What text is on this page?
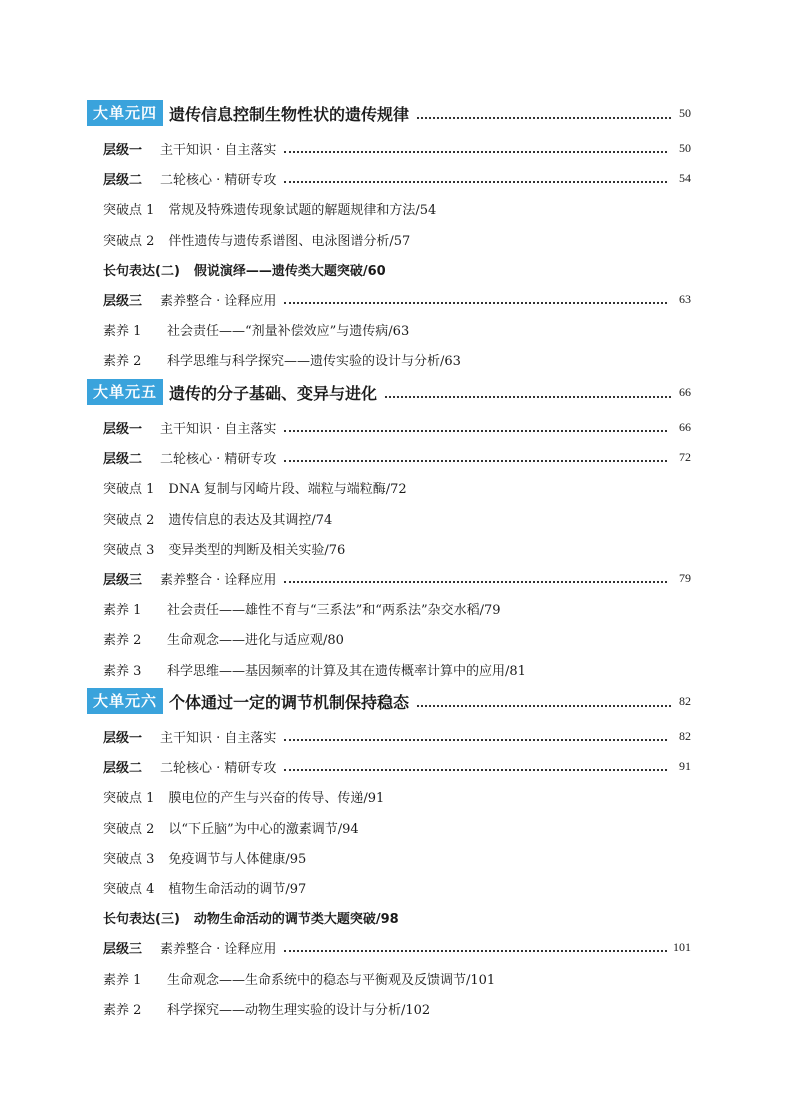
大单元四 遗传信息控制生物性状的遗传规律	50
层级一 主干知识 · 自主落实	50
层级二 二轮核心 · 精研专攻	54
突破点 1 常规及特殊遗传现象试题的解题规律和方法/54
突破点 2 伴性遗传与遗传系谱图、电泳图谱分析/57
长句表达(二) 假说演绎——遗传类大题突破/60
层级三 素养整合 · 诠释应用	63
素养 1	社会责任——“剂量补偿效应”与遗传病/63
素养 2	科学思维与科学探究——遗传实验的设计与分析/63
大单元五 遗传的分子基础、变异与进化	66
层级一 主干知识 · 自主落实	66
层级二 二轮核心 · 精研专攻	72
突破点 1 DNA 复制与冈崎片段、端粒与端粒酶/72
突破点 2 遗传信息的表达及其调控/74
突破点 3 变异类型的判断及相关实验/76
层级三 素养整合 · 诠释应用	79
素养 1	社会责任——雄性不育与“三系法”和“两系法”杂交水稻/79
素养 2	生命观念——进化与适应观/80
素养 3	科学思维——基因频率的计算及其在遗传概率计算中的应用/81
大单元六 个体通过一定的调节机制保持稳态	82
层级一 主干知识 · 自主落实	82
层级二 二轮核心 · 精研专攻	91
突破点 1 膜电位的产生与兴奋的传导、传递/91
突破点 2 以“下丘脑”为中心的激素调节/94
突破点 3 免疫调节与人体健康/95
突破点 4 植物生命活动的调节/97
长句表达(三) 动物生命活动的调节类大题突破/98
层级三 素养整合 · 诠释应用	101
素养 1	生命观念——生命系统中的稳态与平衡观及反馈调节/101
素养 2	科学探究——动物生理实验的设计与分析/102
